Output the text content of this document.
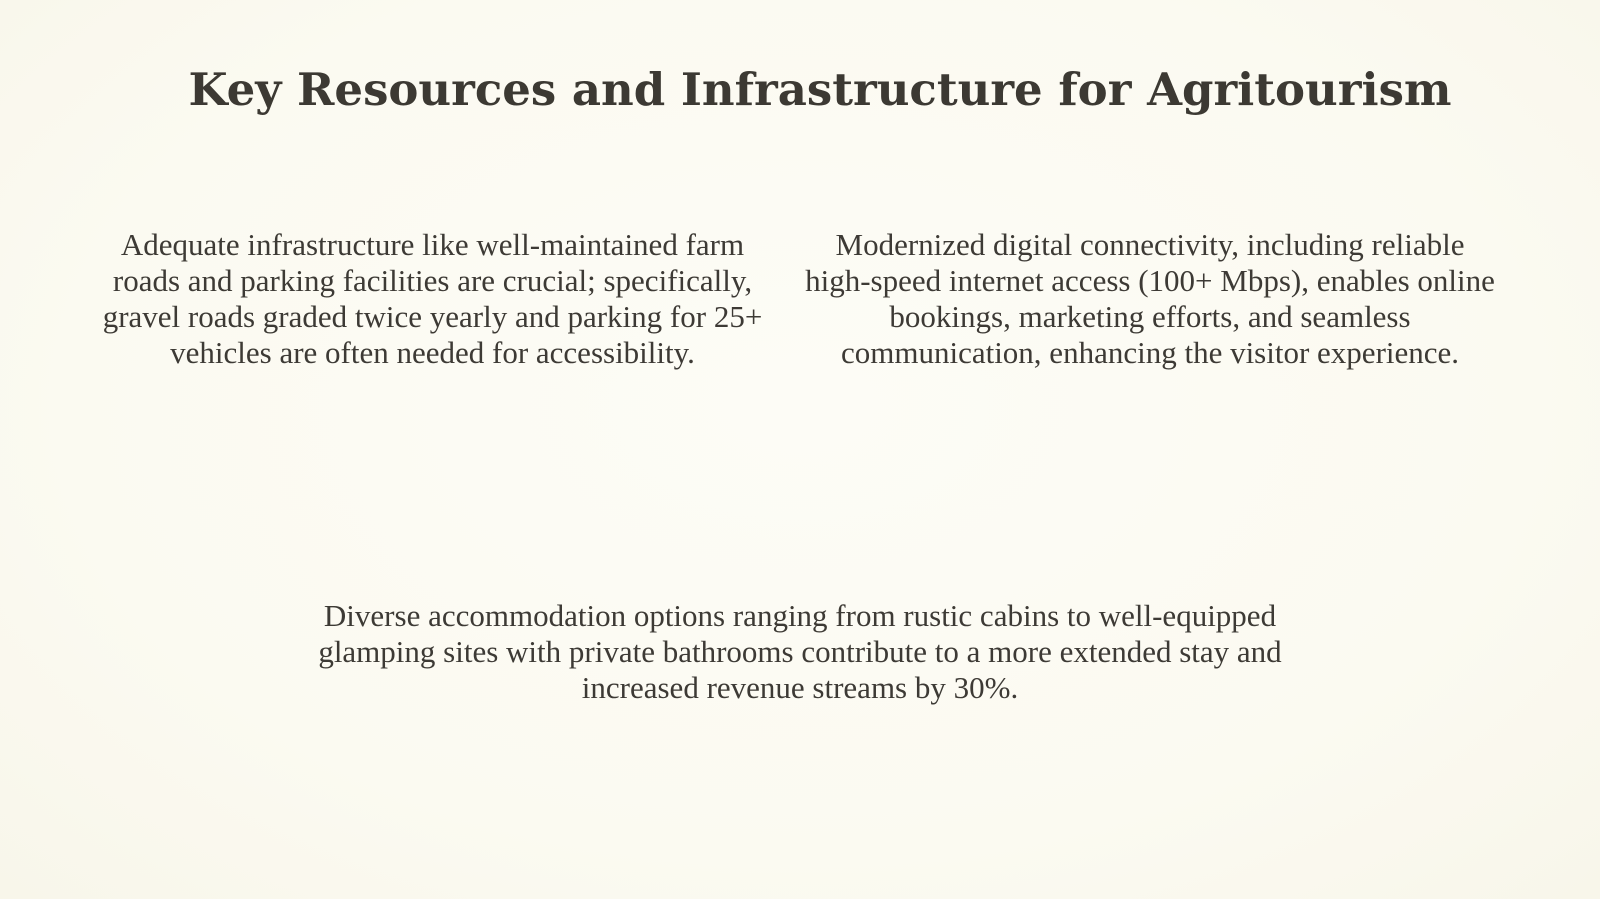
Key Resources and Infrastructure for Agritourism

Adequate infrastructure like well-maintained farm roads and parking facilities are crucial; specifically, gravel roads graded twice yearly and parking for 25+ vehicles are often needed for accessibility.

Modernized digital connectivity, including reliable high-speed internet access (100+ Mbps), enables online bookings, marketing efforts, and seamless communication, enhancing the visitor experience.

Diverse accommodation options ranging from rustic cabins to well-equipped glamping sites with private bathrooms contribute to a more extended stay and increased revenue streams by 30%.
